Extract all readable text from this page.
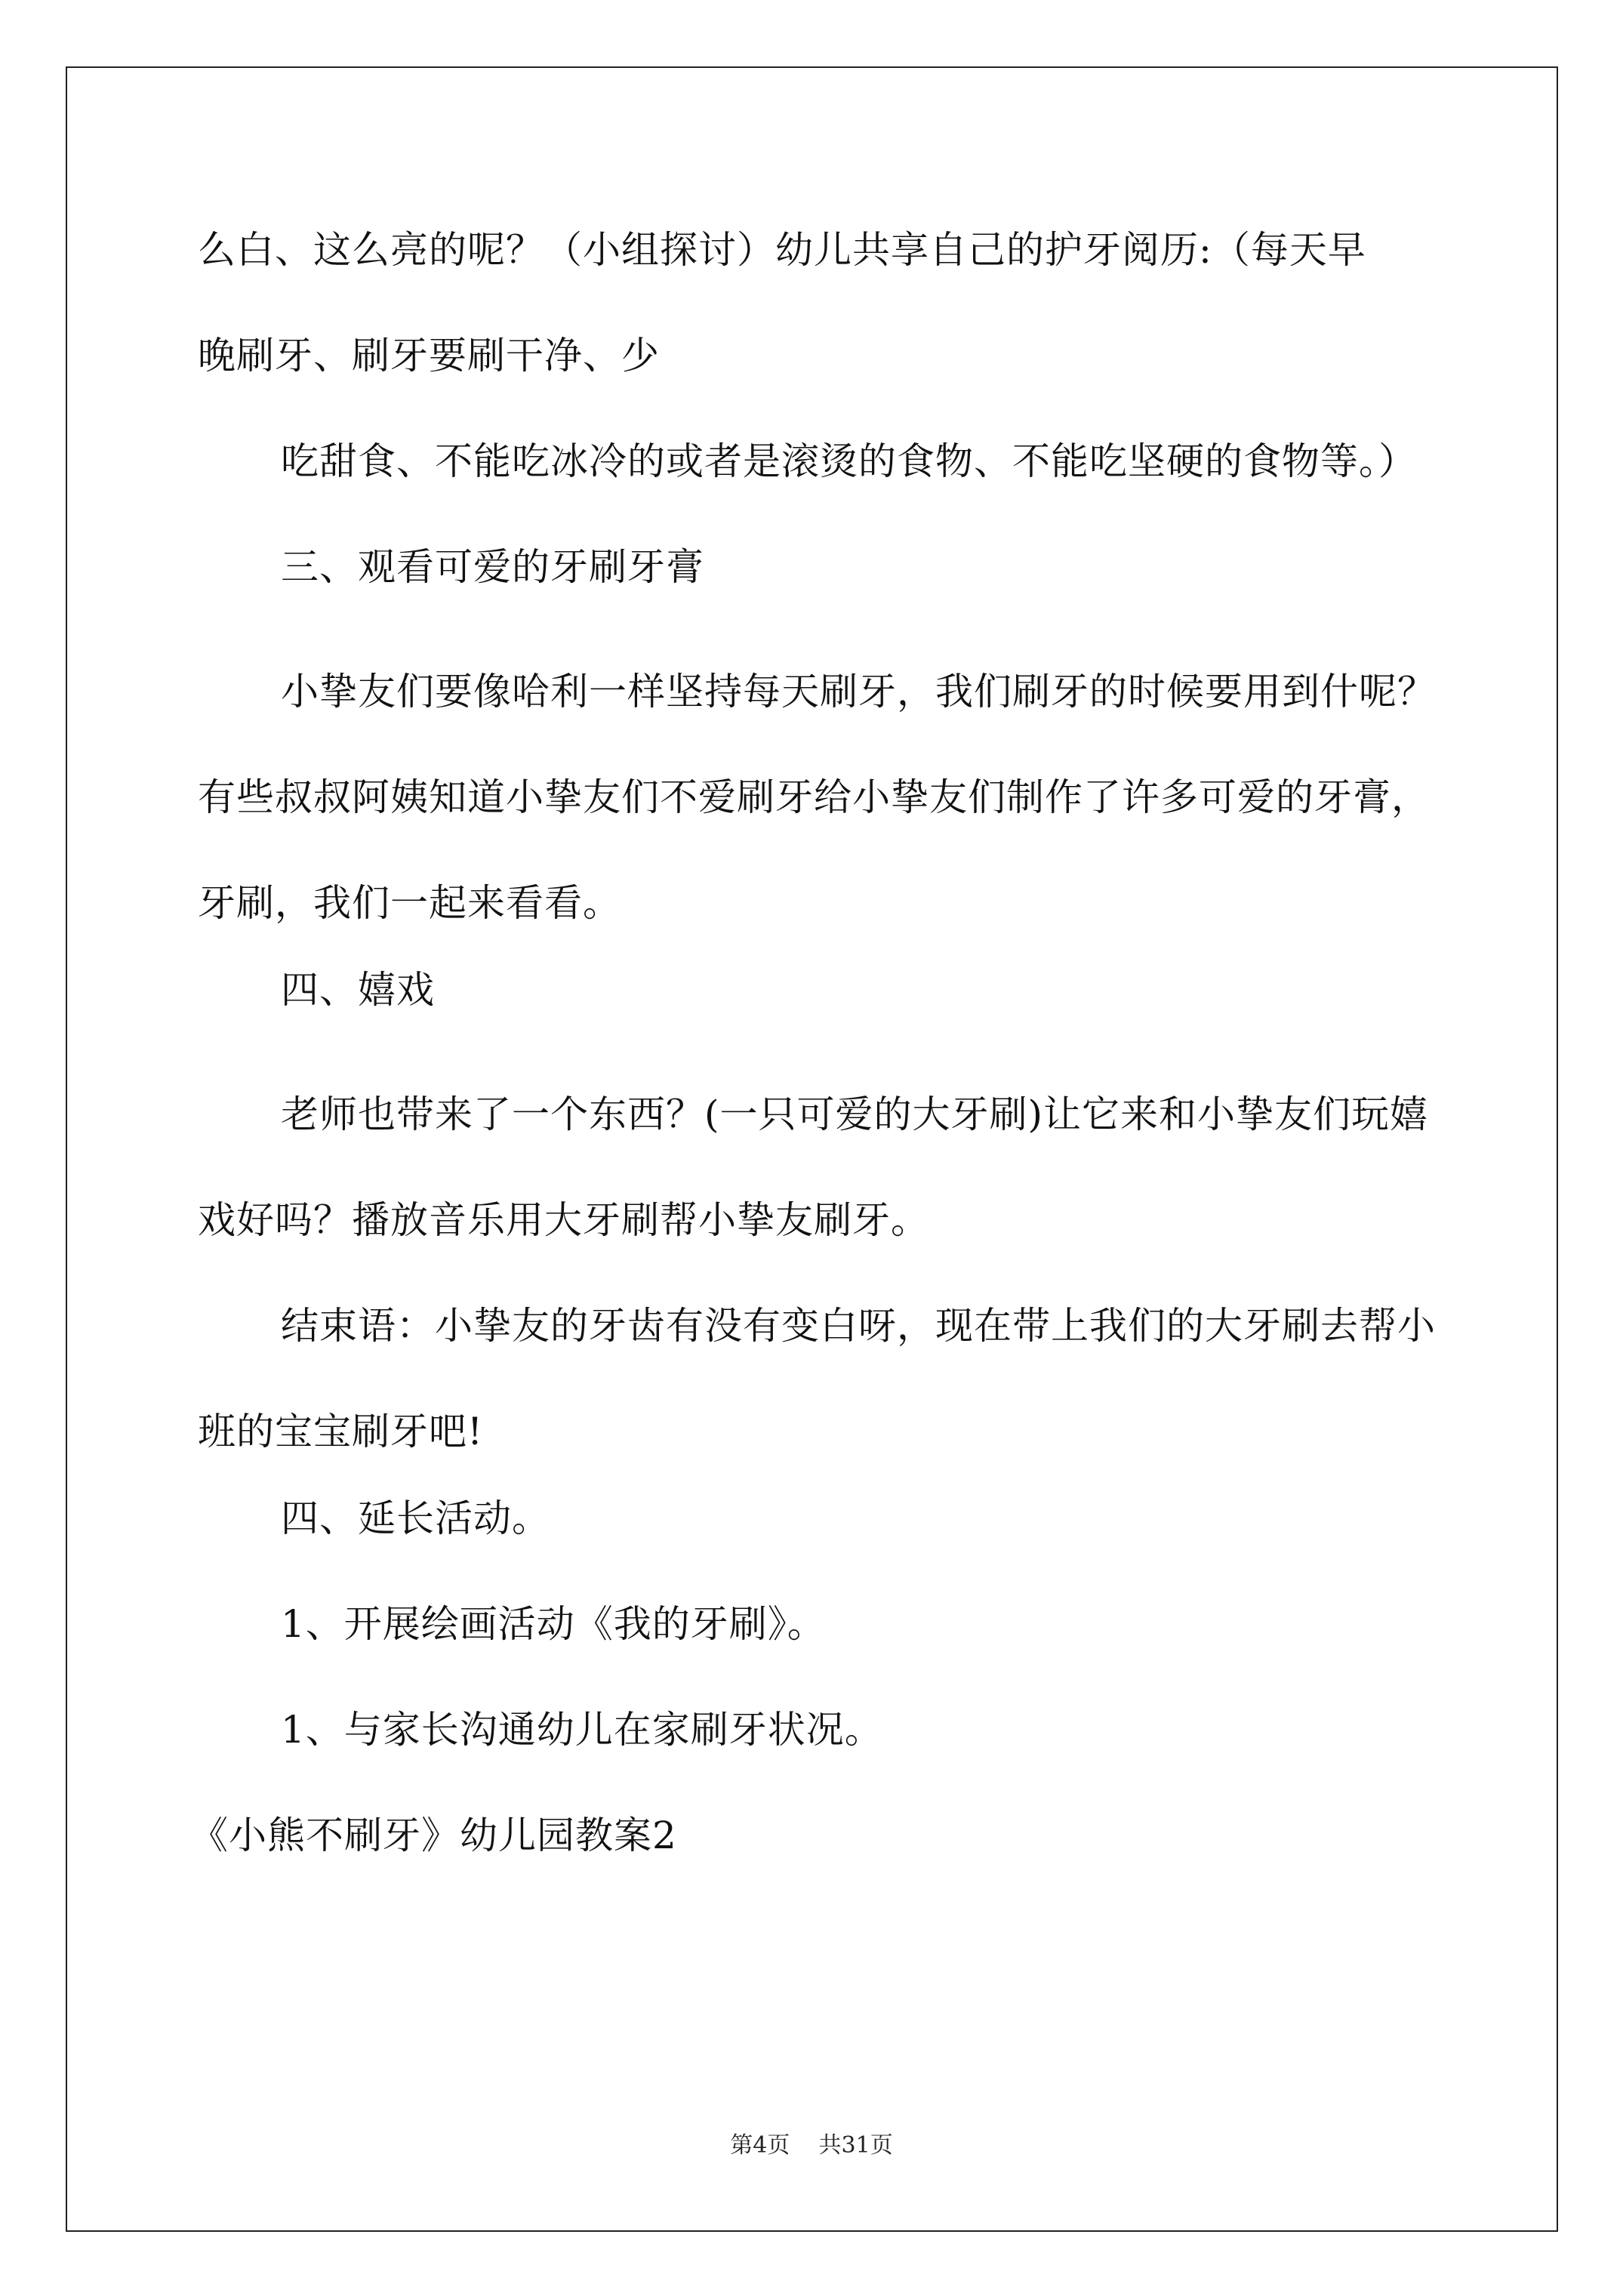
么白、这么亮的呢？（小组探讨）幼儿共享自己的护牙阅历:（每天早

晚刷牙、刷牙要刷干净、少

吃甜食、不能吃冰冷的或者是滚烫的食物、不能吃坚硬的食物等。）

三、观看可爱的牙刷牙膏

小挚友们要像哈利一样坚持每天刷牙，我们刷牙的时候要用到什呢？有些叔叔阿姨知道小挚友们不爱刷牙给小挚友们制作了许多可爱的牙膏，牙刷，我们一起来看看。

四、嬉戏

老师也带来了一个东西？(一只可爱的大牙刷)让它来和小挚友们玩嬉戏好吗？播放音乐用大牙刷帮小挚友刷牙。

结束语：小挚友的牙齿有没有变白呀，现在带上我们的大牙刷去帮小班的宝宝刷牙吧!

四、延长活动。

1、开展绘画活动《我的牙刷》。

1、与家长沟通幼儿在家刷牙状况。

《小熊不刷牙》幼儿园教案2

第4页 共31页
